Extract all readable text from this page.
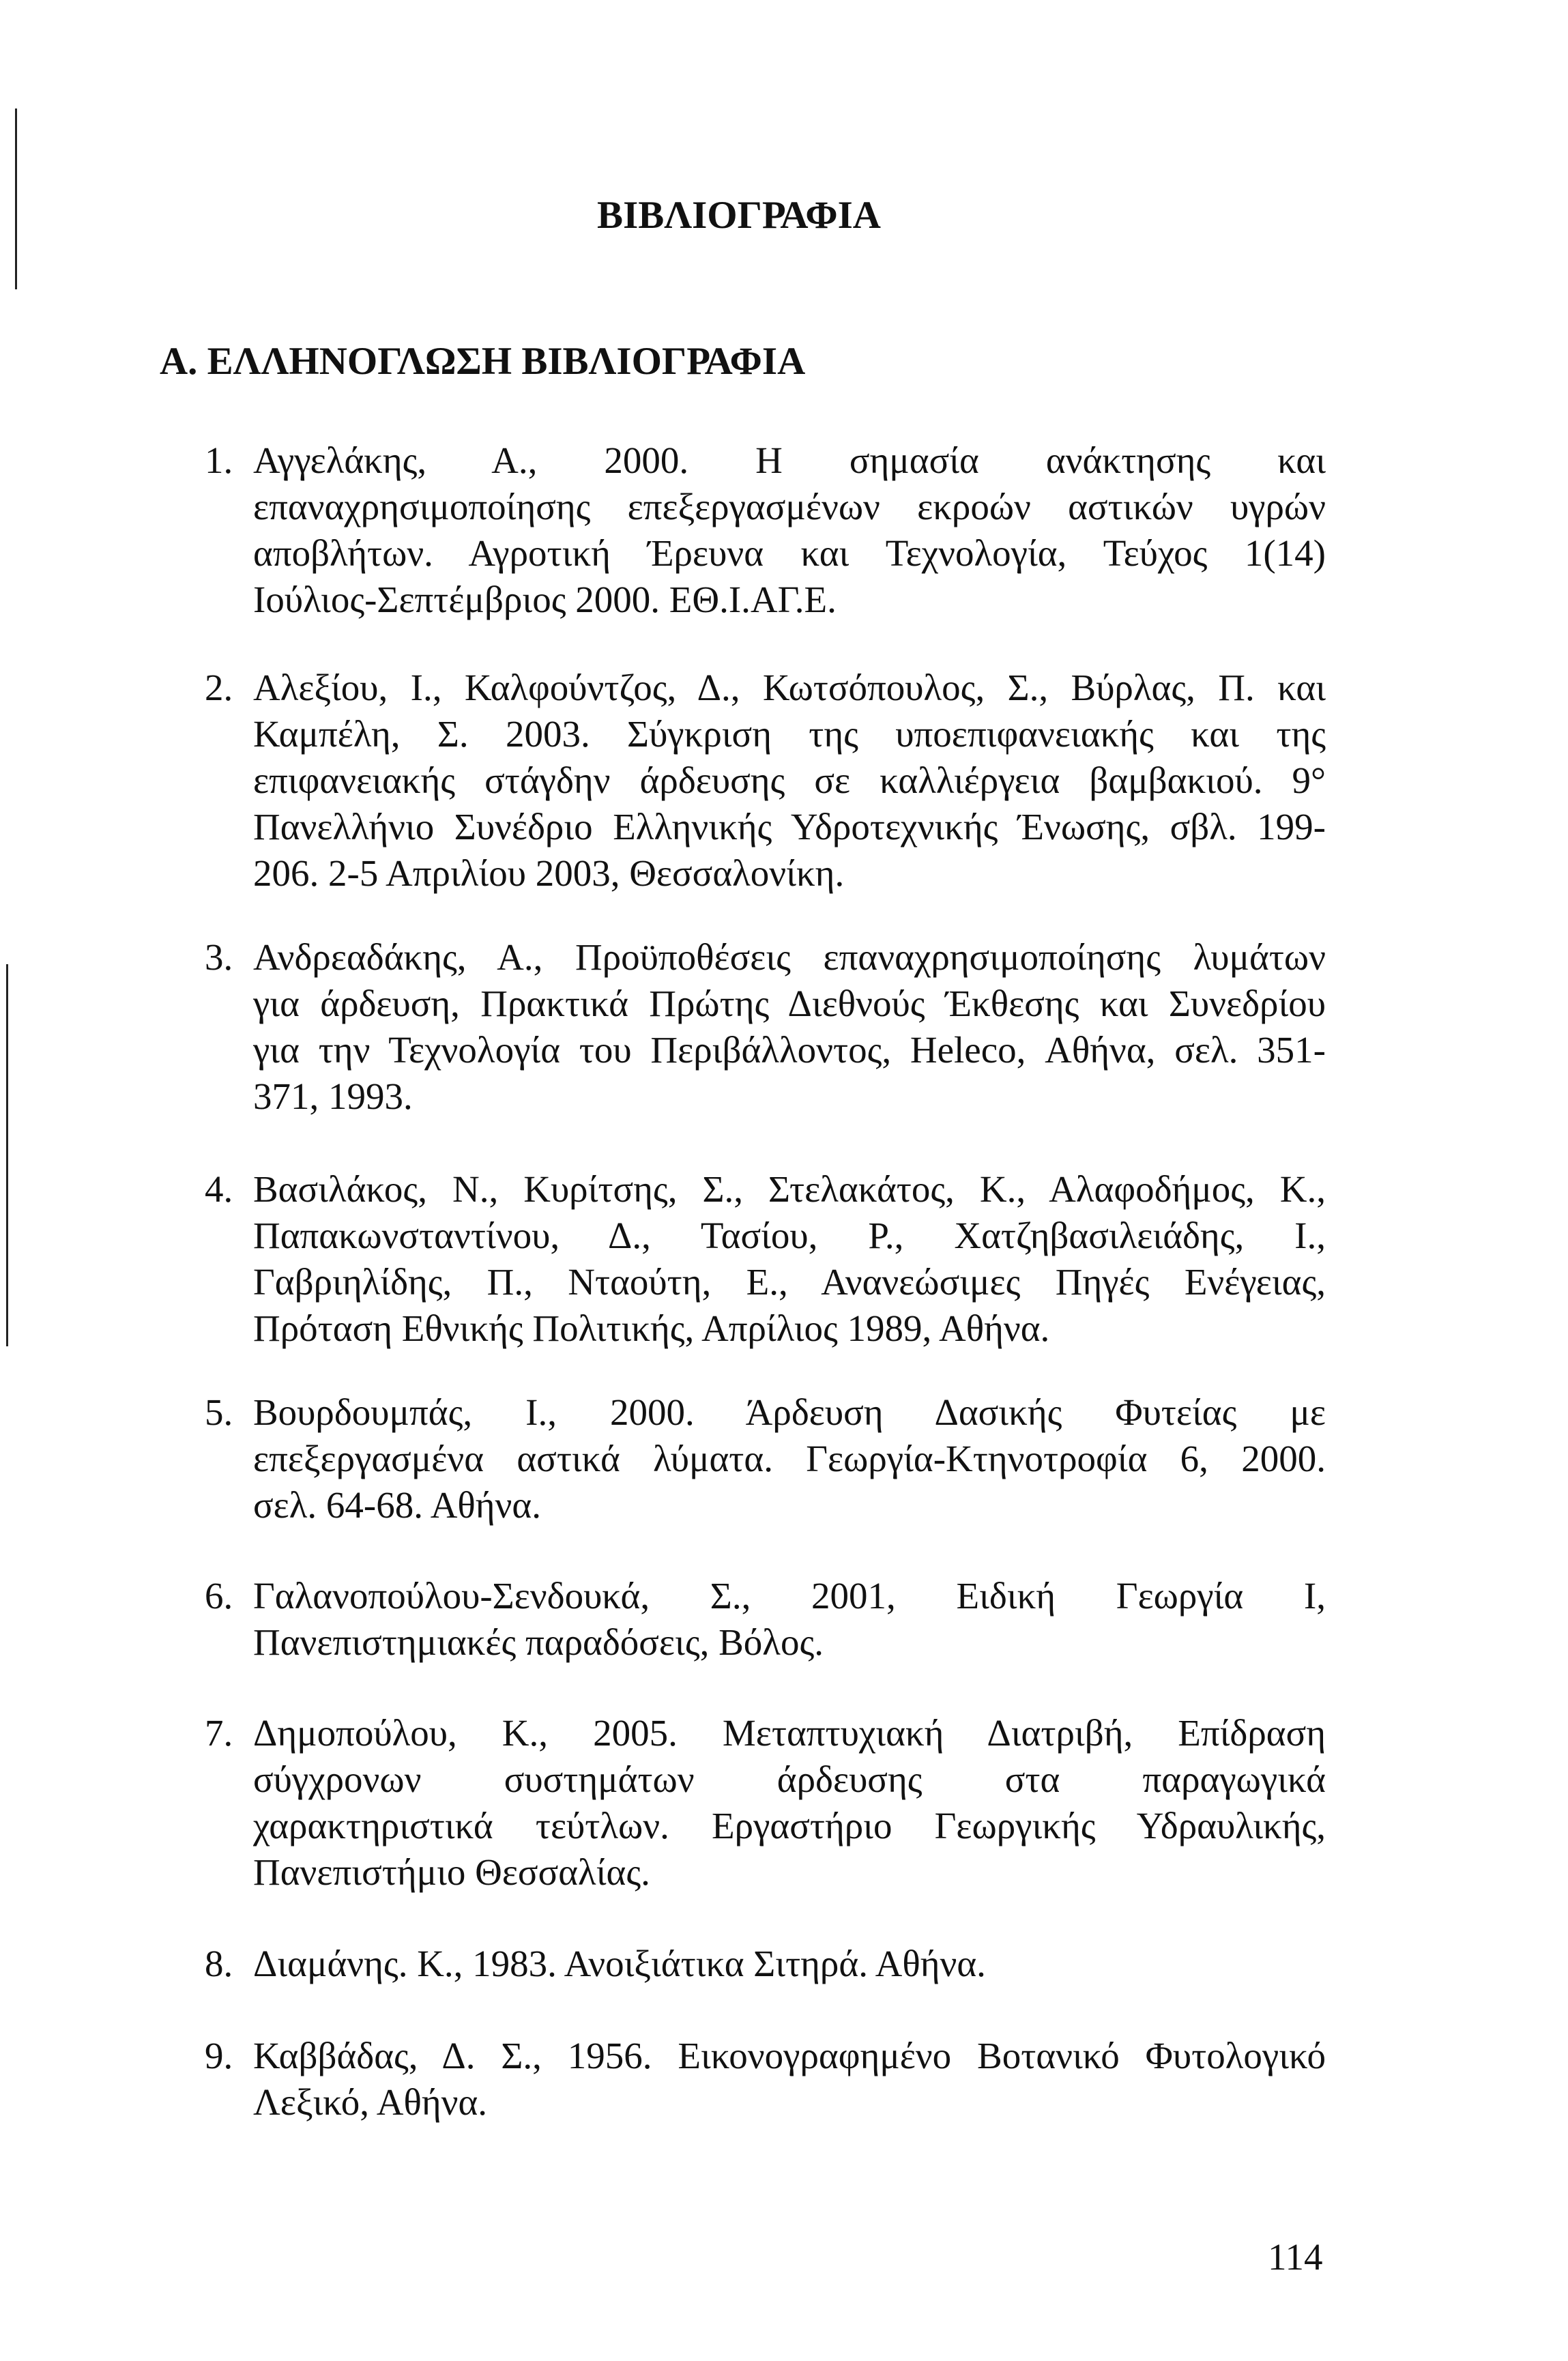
ΒΙΒΛΙΟΓΡΑΦΙΑ
Α. ΕΛΛΗΝΟΓΛΩΣΗ ΒΙΒΛΙΟΓΡΑΦΙΑ
1. Αγγελάκης, Α., 2000. Η σημασία ανάκτησης και
επαναχρησιμοποίησης επεξεργασμένων εκροών αστικών υγρών
αποβλήτων. Αγροτική Έρευνα και Τεχνολογία, Τεύχος 1(14)
Ιούλιος-Σεπτέμβριος 2000. ΕΘ.Ι.ΑΓ.Ε.
2. Αλεξίου, Ι., Καλφούντζος, Δ., Κωτσόπουλος, Σ., Βύρλας, Π. και
Καμπέλη, Σ. 2003. Σύγκριση της υποεπιφανειακής και της
επιφανειακής στάγδην άρδευσης σε καλλιέργεια βαμβακιού. 9°
Πανελλήνιο Συνέδριο Ελληνικής Υδροτεχνικής Ένωσης, σβλ. 199-
206. 2-5 Απριλίου 2003, Θεσσαλονίκη.
3. Ανδρεαδάκης, Α., Προϋποθέσεις επαναχρησιμοποίησης λυμάτων
για άρδευση, Πρακτικά Πρώτης Διεθνούς Έκθεσης και Συνεδρίου
για την Τεχνολογία του Περιβάλλοντος, Heleco, Αθήνα, σελ. 351-
371, 1993.
4. Βασιλάκος, Ν., Κυρίτσης, Σ., Στελακάτος, Κ., Αλαφοδήμος, Κ.,
Παπακωνσταντίνου, Δ., Τασίου, Ρ., Χατζηβασιλειάδης, Ι.,
Γαβριηλίδης, Π., Νταούτη, Ε., Ανανεώσιμες Πηγές Ενέγειας,
Πρόταση Εθνικής Πολιτικής, Απρίλιος 1989, Αθήνα.
5. Βουρδουμπάς, Ι., 2000. Άρδευση Δασικής Φυτείας με
επεξεργασμένα αστικά λύματα. Γεωργία-Κτηνοτροφία 6, 2000.
σελ. 64-68. Αθήνα.
6. Γαλανοπούλου-Σενδουκά, Σ., 2001, Ειδική Γεωργία Ι,
Πανεπιστημιακές παραδόσεις, Βόλος.
7. Δημοπούλου, Κ., 2005. Μεταπτυχιακή Διατριβή, Επίδραση
σύγχρονων συστημάτων άρδευσης στα παραγωγικά
χαρακτηριστικά τεύτλων. Εργαστήριο Γεωργικής Υδραυλικής,
Πανεπιστήμιο Θεσσαλίας.
8. Διαμάνης. Κ., 1983. Ανοιξιάτικα Σιτηρά. Αθήνα.
9. Καββάδας, Δ. Σ., 1956. Εικονογραφημένο Βοτανικό Φυτολογικό
Λεξικό, Αθήνα.
114
